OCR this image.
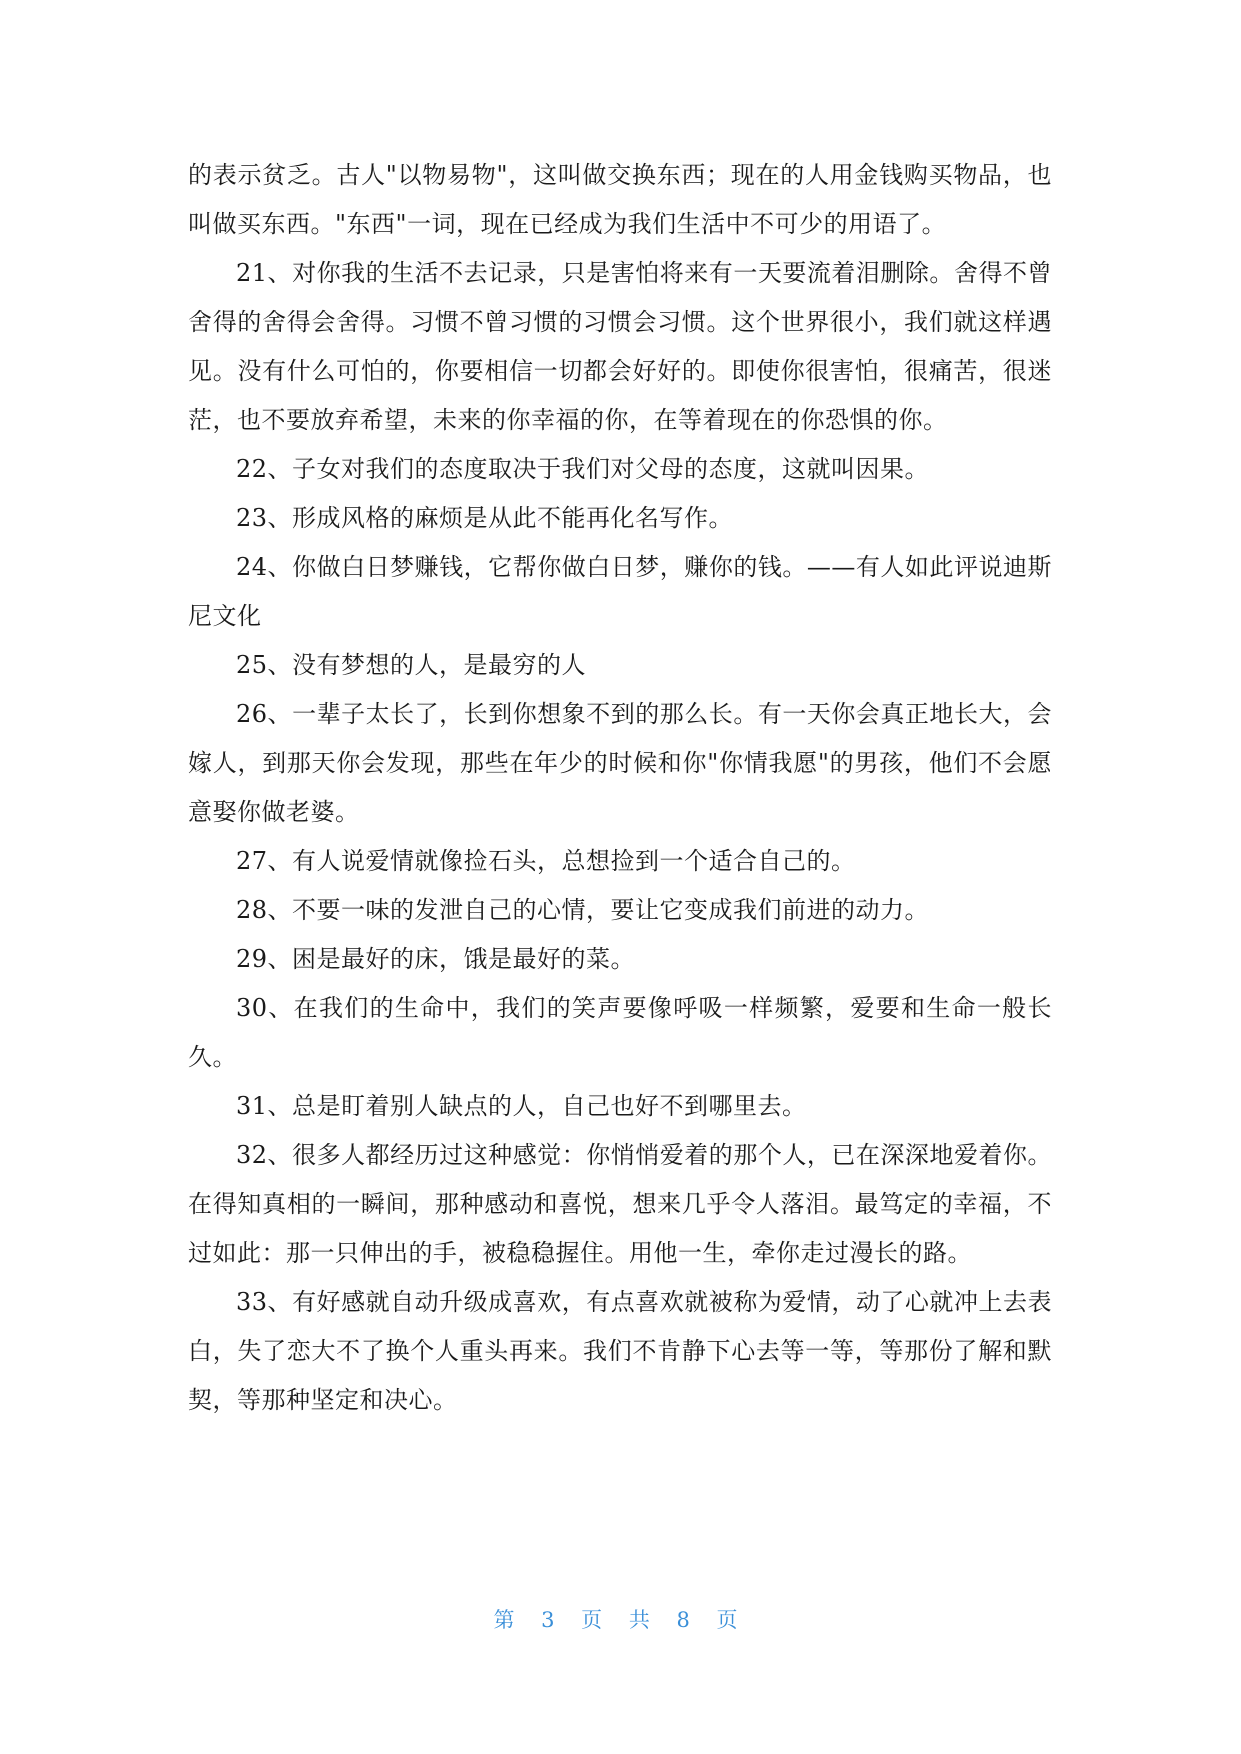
的表示贫乏。古人"以物易物"，这叫做交换东西；现在的人用金钱购买物品，也叫做买东西。"东西"一词，现在已经成为我们生活中不可少的用语了。

21、对你我的生活不去记录，只是害怕将来有一天要流着泪删除。舍得不曾舍得的舍得会舍得。习惯不曾习惯的习惯会习惯。这个世界很小，我们就这样遇见。没有什么可怕的，你要相信一切都会好好的。即使你很害怕，很痛苦，很迷茫，也不要放弃希望，未来的你幸福的你，在等着现在的你恐惧的你。

22、子女对我们的态度取决于我们对父母的态度，这就叫因果。

23、形成风格的麻烦是从此不能再化名写作。

24、你做白日梦赚钱，它帮你做白日梦，赚你的钱。——有人如此评说迪斯尼文化

25、没有梦想的人，是最穷的人

26、一辈子太长了，长到你想象不到的那么长。有一天你会真正地长大，会嫁人，到那天你会发现，那些在年少的时候和你"你情我愿"的男孩，他们不会愿意娶你做老婆。

27、有人说爱情就像捡石头，总想捡到一个适合自己的。

28、不要一味的发泄自己的心情，要让它变成我们前进的动力。

29、困是最好的床，饿是最好的菜。

30、在我们的生命中，我们的笑声要像呼吸一样频繁，爱要和生命一般长久。

31、总是盯着别人缺点的人，自己也好不到哪里去。

32、很多人都经历过这种感觉：你悄悄爱着的那个人，已在深深地爱着你。在得知真相的一瞬间，那种感动和喜悦，想来几乎令人落泪。最笃定的幸福，不过如此：那一只伸出的手，被稳稳握住。用他一生，牵你走过漫长的路。

33、有好感就自动升级成喜欢，有点喜欢就被称为爱情，动了心就冲上去表白，失了恋大不了换个人重头再来。我们不肯静下心去等一等，等那份了解和默契，等那种坚定和决心。

第 3 页 共 8 页
